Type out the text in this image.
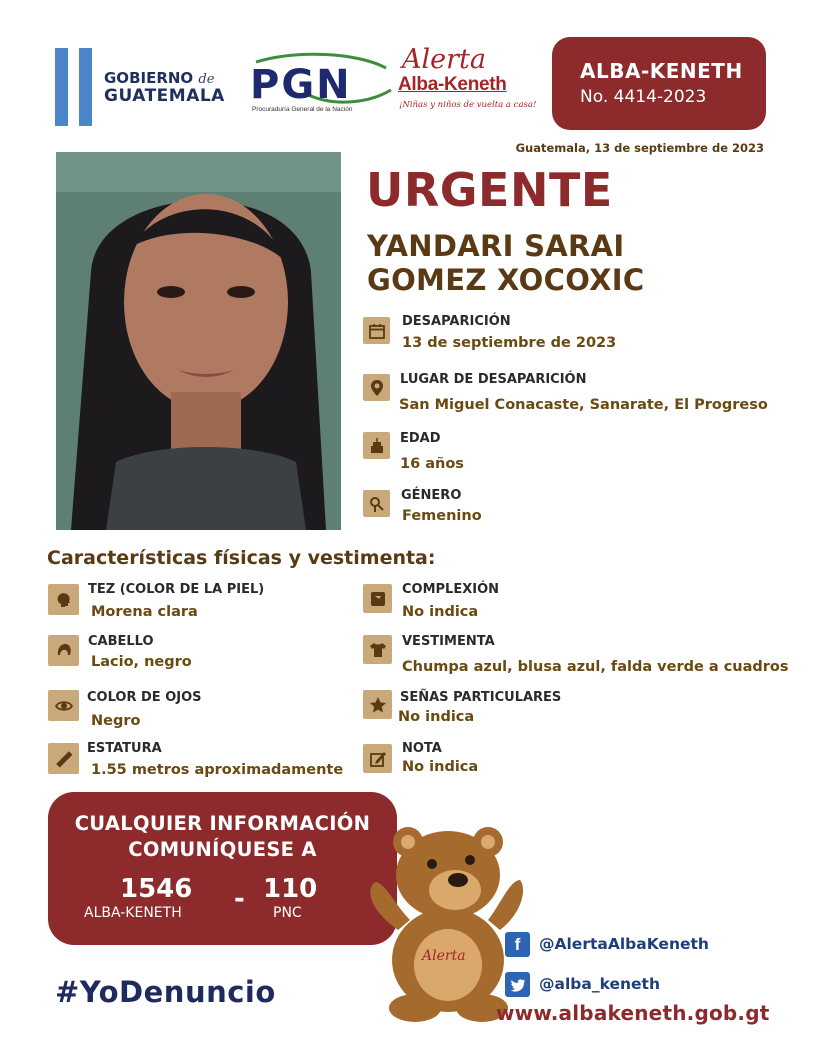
GOBIERNO de
GUATEMALA PGN
Procuraduría General de la Nación
Alerta
Alba-Keneth
¡Niñas y niños de vuelta a casa!
ALBA-KENETH
No. 4414-2023
Guatemala, 13 de septiembre de 2023
URGENTE
YANDARI SARAI
GOMEZ XOCOXIC
DESAPARICIÓN
13 de septiembre de 2023
LUGAR DE DESAPARICIÓN
San Miguel Conacaste, Sanarate, El Progreso
EDAD
16 años
GÉNERO
Femenino
Características físicas y vestimenta:
TEZ (COLOR DE LA PIEL)
Morena clara
CABELLO
Lacio, negro
COLOR DE OJOS
Negro
ESTATURA
1.55 metros aproximadamente
COMPLEXIÓN
No indica
VESTIMENTA
Chumpa azul, blusa azul, falda verde a cuadros
SEÑAS PARTICULARES
No indica
NOTA
No indica
CUALQUIER INFORMACIÓN
COMUNÍQUESE A
1546
ALBA-KENETH - 110
PNC
#YoDenuncio
Alerta
f	@AlertaAlbaKeneth
@alba_keneth
www.albakeneth.gob.gt
